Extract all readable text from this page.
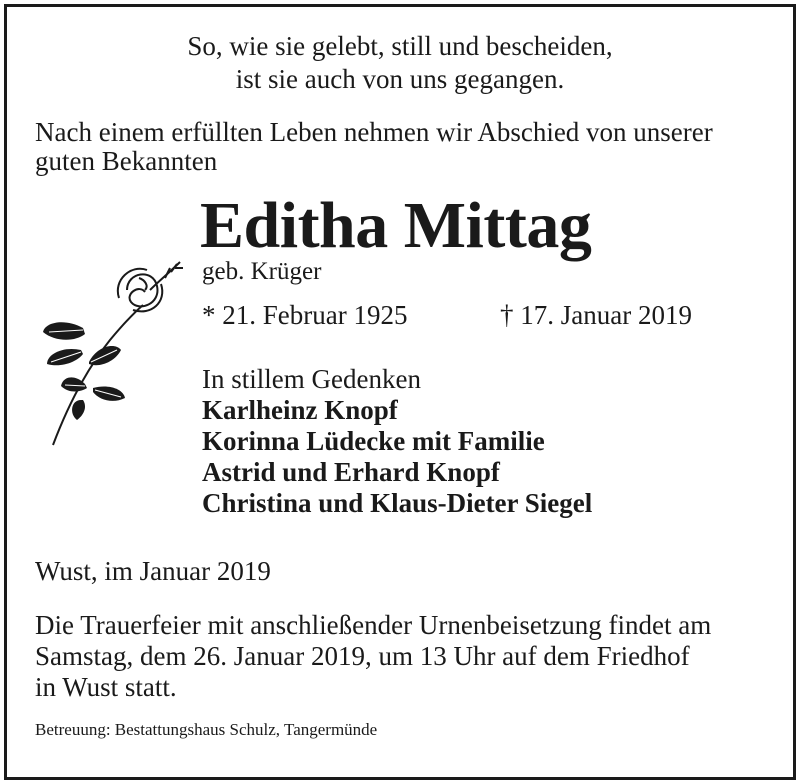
So, wie sie gelebt, still und bescheiden,
ist sie auch von uns gegangen.
Nach einem erfüllten Leben nehmen wir Abschied von unserer
guten Bekannten
Editha Mittag
geb. Krüger
* 21. Februar 1925	† 17. Januar 2019
In stillem Gedenken
Karlheinz Knopf
Korinna Lüdecke mit Familie
Astrid und Erhard Knopf
Christina und Klaus-Dieter Siegel
Wust, im Januar 2019
Die Trauerfeier mit anschließender Urnenbeisetzung findet am
Samstag, dem 26. Januar 2019, um 13 Uhr auf dem Friedhof
in Wust statt.
Betreuung: Bestattungshaus Schulz, Tangermünde
